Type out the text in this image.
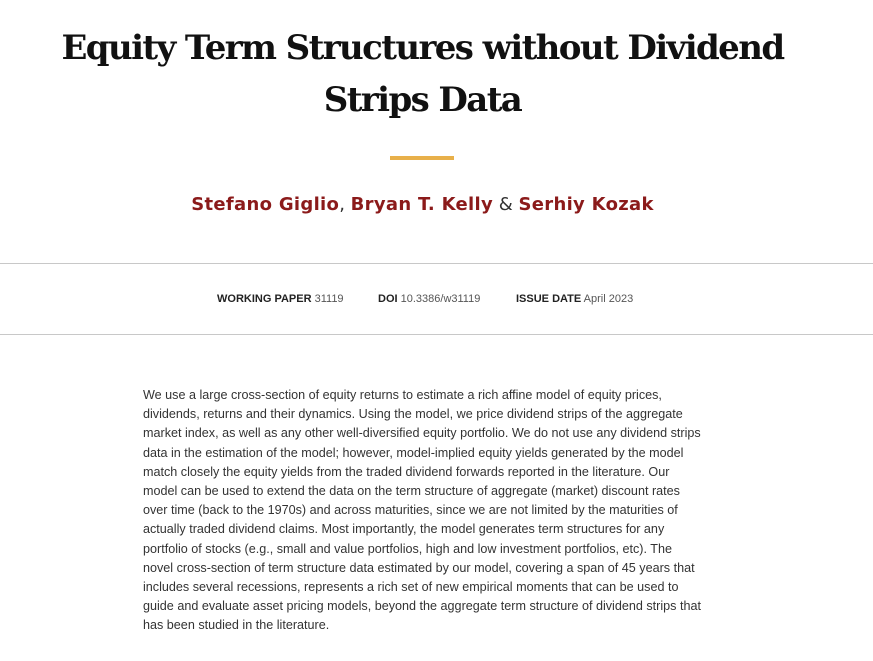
Equity Term Structures without Dividend
Strips Data
Stefano Giglio, Bryan T. Kelly & Serhiy Kozak
WORKING PAPER 31119	DOI 10.3386/w31119	ISSUE DATE April 2023

We use a large cross-section of equity returns to estimate a rich affine model of equity prices, dividends, returns and their dynamics. Using the model, we price dividend strips of the aggregate market index, as well as any other well-diversified equity portfolio. We do not use any dividend strips data in the estimation of the model; however, model-implied equity yields generated by the model match closely the equity yields from the traded dividend forwards reported in the literature. Our model can be used to extend the data on the term structure of aggregate (market) discount rates over time (back to the 1970s) and across maturities, since we are not limited by the maturities of actually traded dividend claims. Most importantly, the model generates term structures for any portfolio of stocks (e.g., small and value portfolios, high and low investment portfolios, etc). The novel cross-section of term structure data estimated by our model, covering a span of 45 years that includes several recessions, represents a rich set of new empirical moments that can be used to guide and evaluate asset pricing models, beyond the aggregate term structure of dividend strips that has been studied in the literature.
